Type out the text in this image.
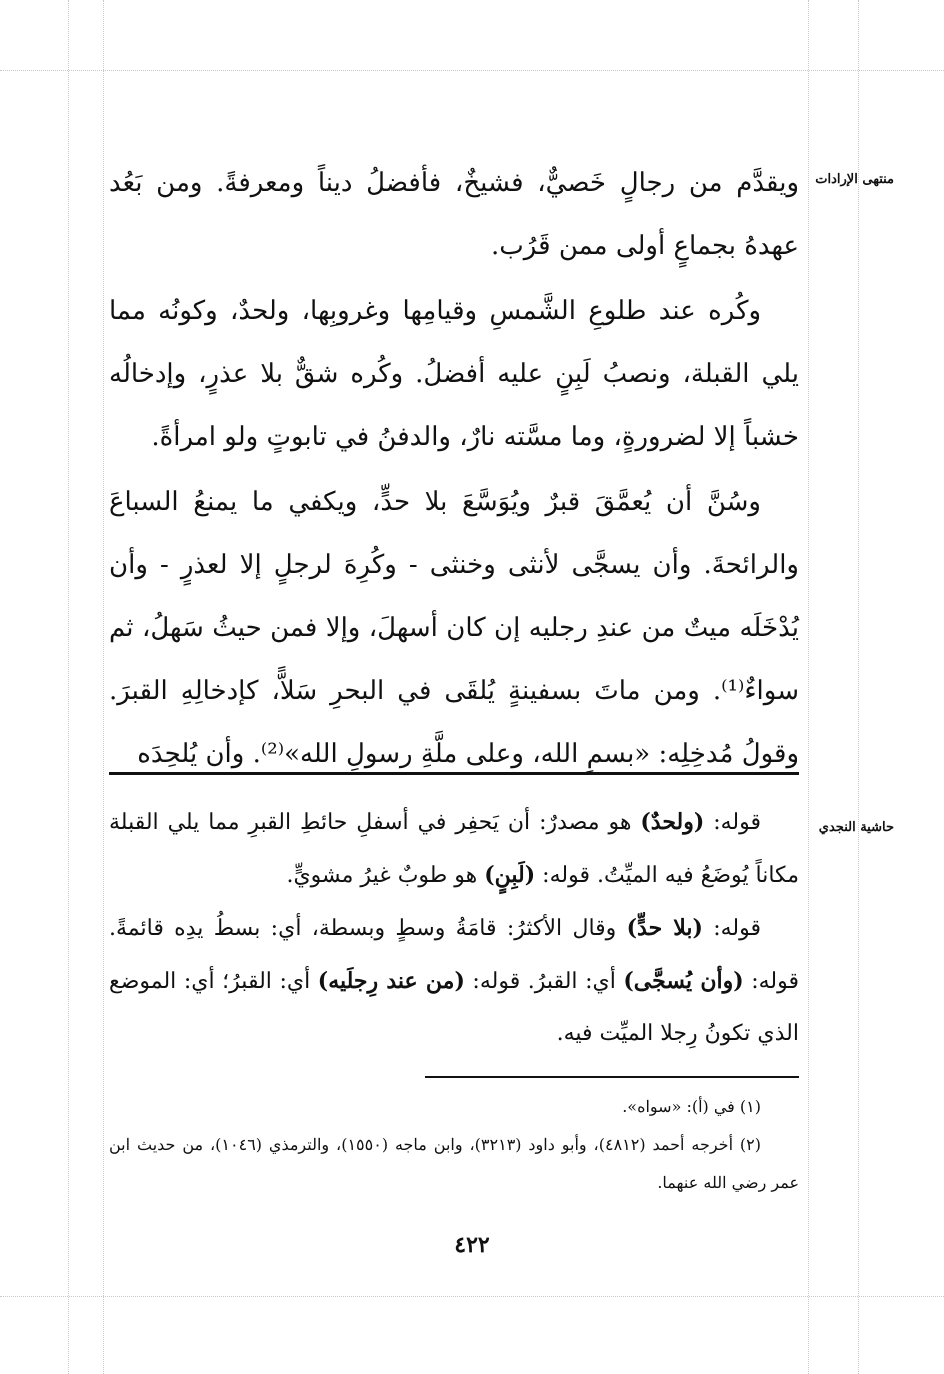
منتهى الإرادات
حاشية النجدي

ويقدَّم من رجالٍ خَصيٌّ، فشيخٌ، فأفضلُ ديناً ومعرفةً. ومن بَعُد عهدهُ بجماعٍ أولى ممن قَرُب.

وكُره عند طلوعِ الشَّمسِ وقيامِها وغروبِها، ولحدٌ، وكونُه مما يلي القبلة، ونصبُ لَبِنٍ عليه أفضلُ. وكُره شقٌّ بلا عذرٍ، وإدخالُه خشباً إلا لضرورةٍ، وما مسَّته نارٌ، والدفنُ في تابوتٍ ولو امرأةً.

وسُنَّ أن يُعمَّقَ قبرٌ ويُوَسَّعَ بلا حدٍّ، ويكفي ما يمنعُ السباعَ والرائحةَ. وأن يسجَّى لأنثى وخنثى - وكُرِهَ لرجلٍ إلا لعذرٍ - وأن يُدْخَلَه ميتٌ من عندِ رجليه إن كان أسهلَ، وإلا فمن حيثُ سَهلُ، ثم سواءٌ⁽¹⁾. ومن ماتَ بسفينةٍ يُلقَى في البحرِ سَلاًّ، كإدخالِهِ القبرَ. وقولُ مُدخِلِه: «بسمِ الله، وعلى ملَّةِ رسولِ الله»⁽²⁾. وأن يُلحِدَه

قوله: (ولحدٌ) هو مصدرٌ: أن يَحفِر في أسفلِ حائطِ القبرِ مما يلي القبلة مكاناً يُوضَعُ فيه الميِّتُ. قوله: (لَبِنٍ) هو طوبٌ غيرُ مشويٍّ.

قوله: (بلا حدٍّ) وقال الأكثرُ: قامَةُ وسطٍ وبسطة، أي: بسطُ يدِه قائمةً. قوله: (وأن يُسجَّى) أي: القبرُ. قوله: (من عند رِجلَيه) أي: القبرُ؛ أي: الموضع الذي تكونُ رِجلا الميِّت فيه.

(١) في (أ): «سواه».

(٢) أخرجه أحمد (٤٨١٢)، وأبو داود (٣٢١٣)، وابن ماجه (١٥٥٠)، والترمذي (١٠٤٦)، من حديث ابن عمر رضي الله عنهما.

٤٢٢
